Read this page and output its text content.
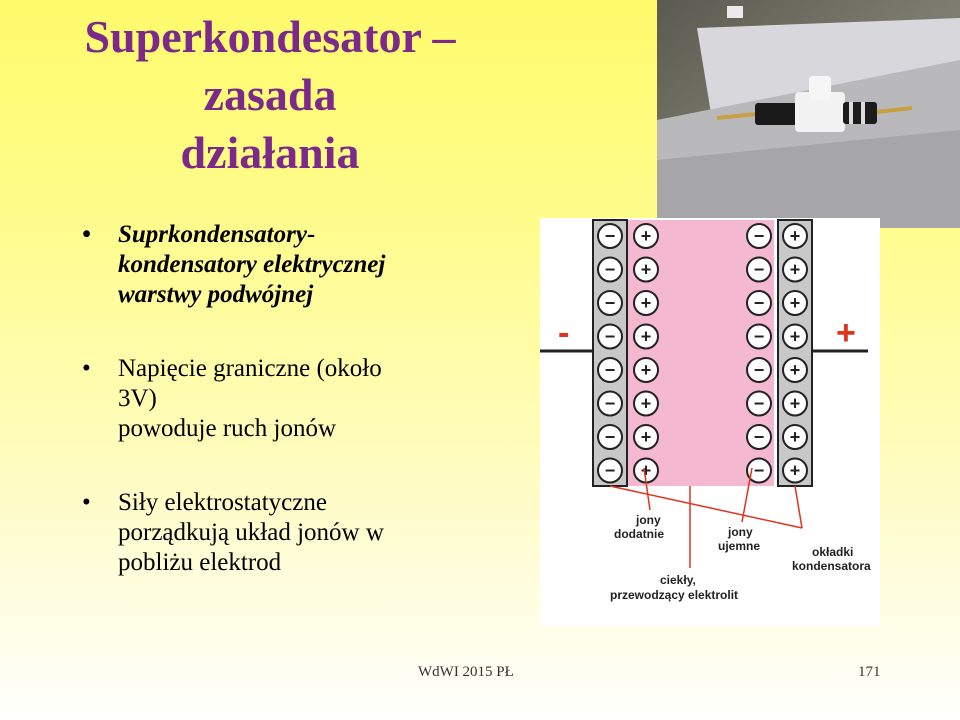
Superkondesator –
zasada
działania
• Suprkondensatory-
kondensatory elektrycznej
warstwy podwójnej
• Napięcie graniczne (około
3V)
powoduje ruch jonów
• Siły elektrostatyczne
porządkują układ jonów w
pobliżu elektrod
-	+
−
−
−
−
−
−
−
−
+
+
+
+
+
+
+
+
−
−
−
−
−
−
−
−
+
+
+
+
+
+
+
+
jony
dodatnie	jony
ujemne	okładki
kondensatora
ciekły,
przewodzący elektrolit
WdWI 2015 PŁ	171
